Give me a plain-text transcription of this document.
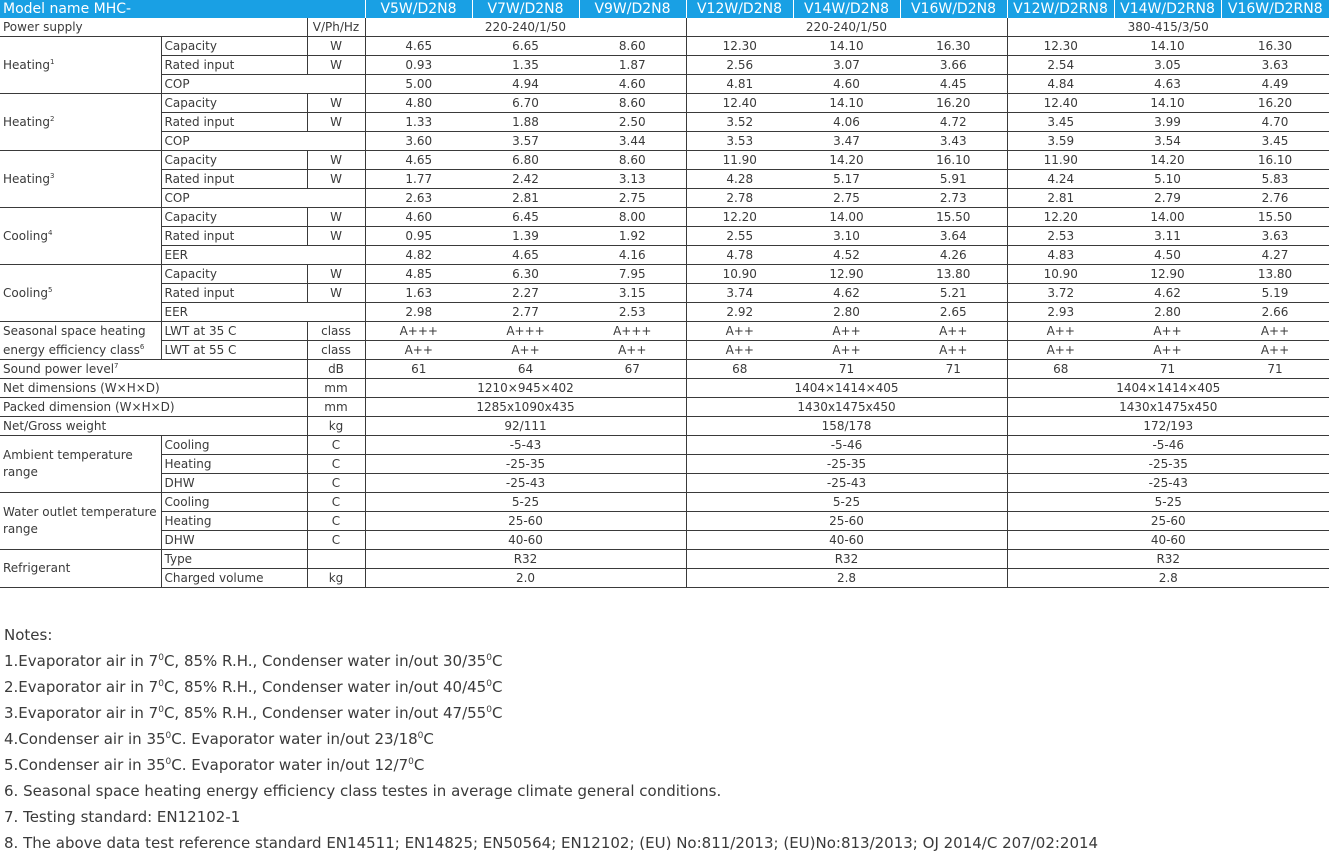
Model name MHC-			V5W/D2N8	V7W/D2N8	V9W/D2N8	V12W/D2N8	V14W/D2N8	V16W/D2N8	V12W/D2RN8	V14W/D2RN8	V16W/D2RN8
Power supply		V/Ph/Hz	220-240/1/50			220-240/1/50			380-415/3/50		
Heating$^1$	Capacity	W	4.65	6.65	8.60	12.30	14.10	16.30	12.30	14.10	16.30
	Rated input	W	0.93	1.35	1.87	2.56	3.07	3.66	2.54	3.05	3.63
	COP		5.00	4.94	4.60	4.81	4.60	4.45	4.84	4.63	4.49
Heating$^2$	Capacity	W	4.80	6.70	8.60	12.40	14.10	16.20	12.40	14.10	16.20
	Rated input	W	1.33	1.88	2.50	3.52	4.06	4.72	3.45	3.99	4.70
	COP		3.60	3.57	3.44	3.53	3.47	3.43	3.59	3.54	3.45
Heating$^3$	Capacity	W	4.65	6.80	8.60	11.90	14.20	16.10	11.90	14.20	16.10
	Rated input	W	1.77	2.42	3.13	4.28	5.17	5.91	4.24	5.10	5.83
	COP		2.63	2.81	2.75	2.78	2.75	2.73	2.81	2.79	2.76
Cooling$^4$	Capacity	W	4.60	6.45	8.00	12.20	14.00	15.50	12.20	14.00	15.50
	Rated input	W	0.95	1.39	1.92	2.55	3.10	3.64	2.53	3.11	3.63
	EER		4.82	4.65	4.16	4.78	4.52	4.26	4.83	4.50	4.27
Cooling$^5$	Capacity	W	4.85	6.30	7.95	10.90	12.90	13.80	10.90	12.90	13.80
	Rated input	W	1.63	2.27	3.15	3.74	4.62	5.21	3.72	4.62	5.19
	EER		2.98	2.77	2.53	2.92	2.80	2.65	2.93	2.80	2.66
Seasonal space heating	LWT at 35 C	class	A+++	A+++	A+++	A++	A++	A++	A++	A++	A++
energy efficiency class$^6$	LWT at 55 C	class	A++	A++	A++	A++	A++	A++	A++	A++	A++
Sound power level$^7$		dB	61	64	67	68	71	71	68	71	71
Net dimensions (W×H×D)		mm	1210×945×402			1404×1414×405			1404×1414×405		
Packed dimension (W×H×D)		mm	1285x1090x435			1430x1475x450			1430x1475x450		
Net/Gross weight		kg	92/111			158/178			172/193		
Ambient temperature range	Cooling	C	-5-43			-5-46			-5-46		
	Heating	C	-25-35			-25-35			-25-35		
	DHW	C	-25-43			-25-43			-25-43		
Water outlet temperature range	Cooling	C	5-25			5-25			5-25		
	Heating	C	25-60			25-60			25-60		
	DHW	C	40-60			40-60			40-60		
Refrigerant	Type		R32			R32			R32		
	Charged volume	kg	2.0			2.8			2.8		
Notes:
1.Evaporator air in $7^0C$, 85% R.H., Condenser water in/out $30/35^0C$
2.Evaporator air in $7^0C$, 85% R.H., Condenser water in/out $40/45^0C$
3.Evaporator air in $7^0C$, 85% R.H., Condenser water in/out $47/55^0C$
4.Condenser air in $35^0C$. Evaporator water in/out $23/18^0C$
5.Condenser air in $35^0C$. Evaporator water in/out $12/7^0C$
6. Seasonal space heating energy efficiency class testes in average climate general conditions.
7. Testing standard: EN12102-1
8. The above data test reference standard EN14511; EN14825; EN50564; EN12102; (EU) No:811/2013; (EU)No:813/2013; OJ 2014/C 207/02:2014
